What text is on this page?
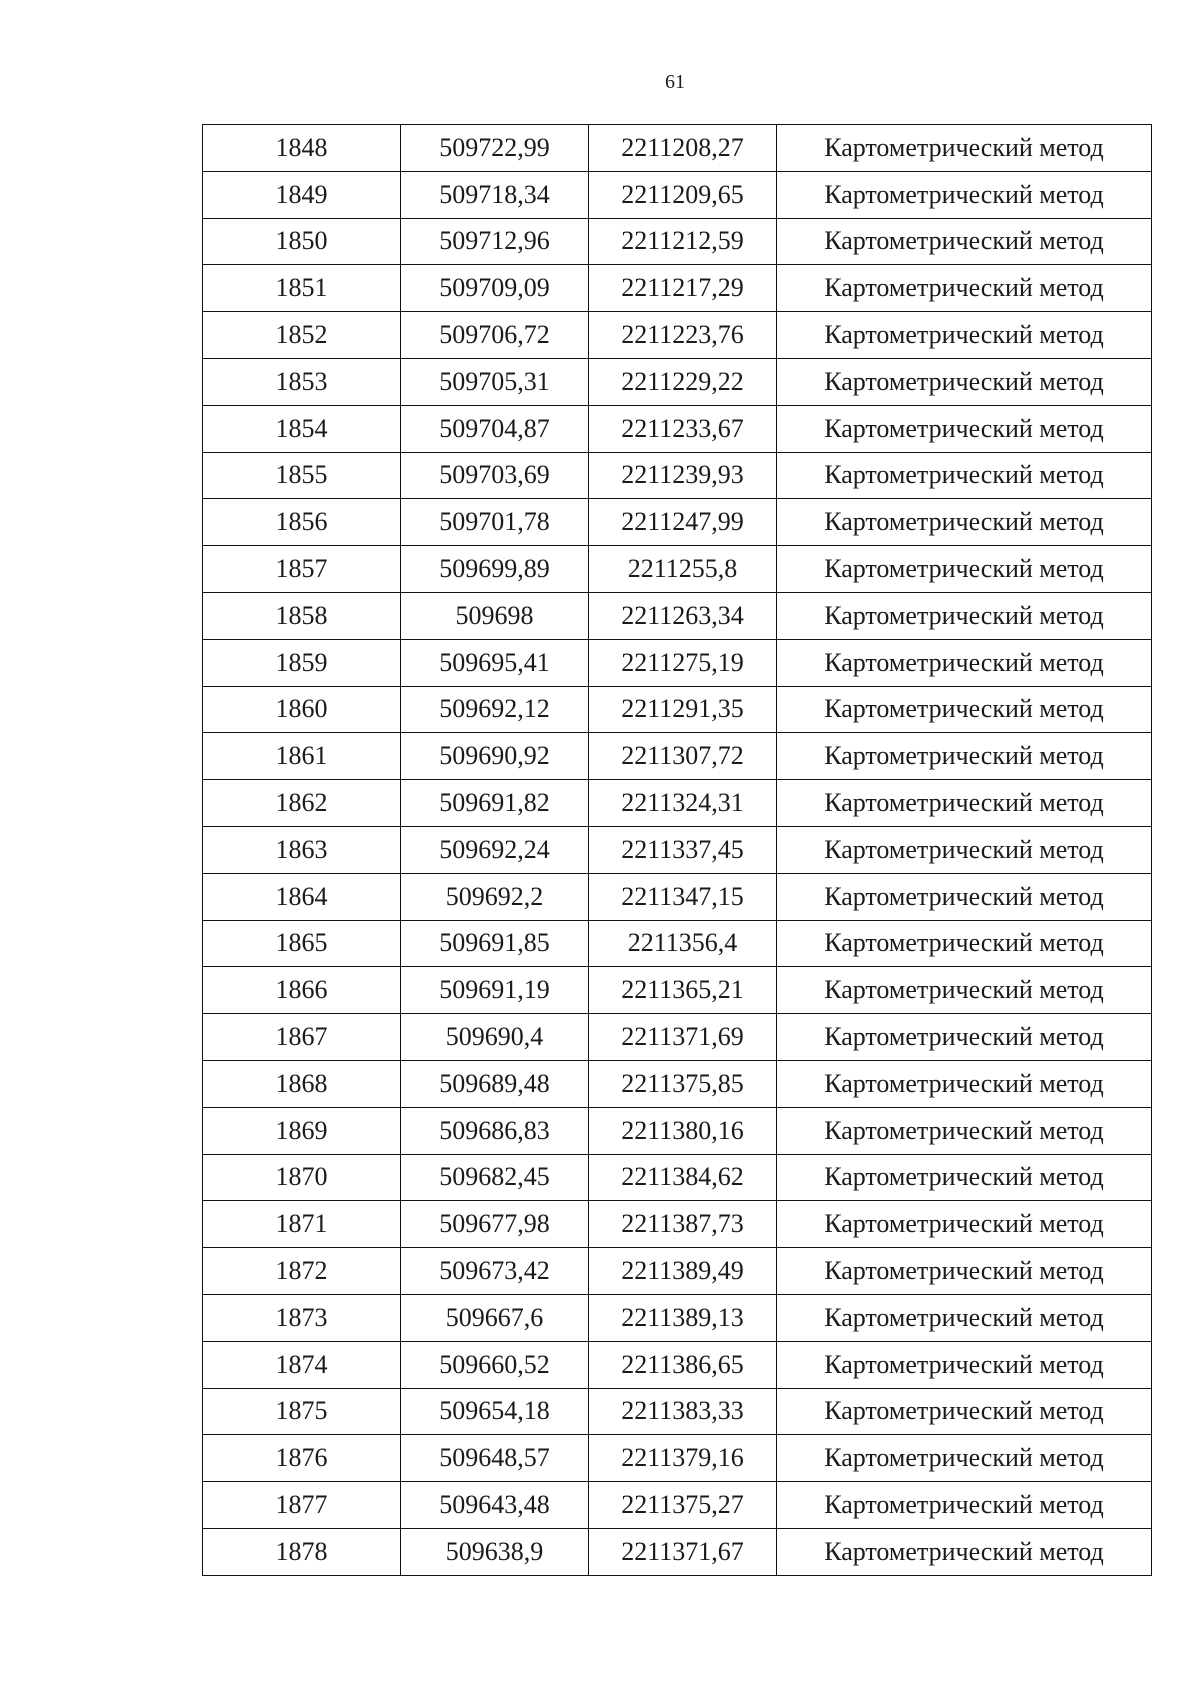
61
1848	509722,99	2211208,27	Картометрический метод
1849	509718,34	2211209,65	Картометрический метод
1850	509712,96	2211212,59	Картометрический метод
1851	509709,09	2211217,29	Картометрический метод
1852	509706,72	2211223,76	Картометрический метод
1853	509705,31	2211229,22	Картометрический метод
1854	509704,87	2211233,67	Картометрический метод
1855	509703,69	2211239,93	Картометрический метод
1856	509701,78	2211247,99	Картометрический метод
1857	509699,89	2211255,8	Картометрический метод
1858	509698	2211263,34	Картометрический метод
1859	509695,41	2211275,19	Картометрический метод
1860	509692,12	2211291,35	Картометрический метод
1861	509690,92	2211307,72	Картометрический метод
1862	509691,82	2211324,31	Картометрический метод
1863	509692,24	2211337,45	Картометрический метод
1864	509692,2	2211347,15	Картометрический метод
1865	509691,85	2211356,4	Картометрический метод
1866	509691,19	2211365,21	Картометрический метод
1867	509690,4	2211371,69	Картометрический метод
1868	509689,48	2211375,85	Картометрический метод
1869	509686,83	2211380,16	Картометрический метод
1870	509682,45	2211384,62	Картометрический метод
1871	509677,98	2211387,73	Картометрический метод
1872	509673,42	2211389,49	Картометрический метод
1873	509667,6	2211389,13	Картометрический метод
1874	509660,52	2211386,65	Картометрический метод
1875	509654,18	2211383,33	Картометрический метод
1876	509648,57	2211379,16	Картометрический метод
1877	509643,48	2211375,27	Картометрический метод
1878	509638,9	2211371,67	Картометрический метод
